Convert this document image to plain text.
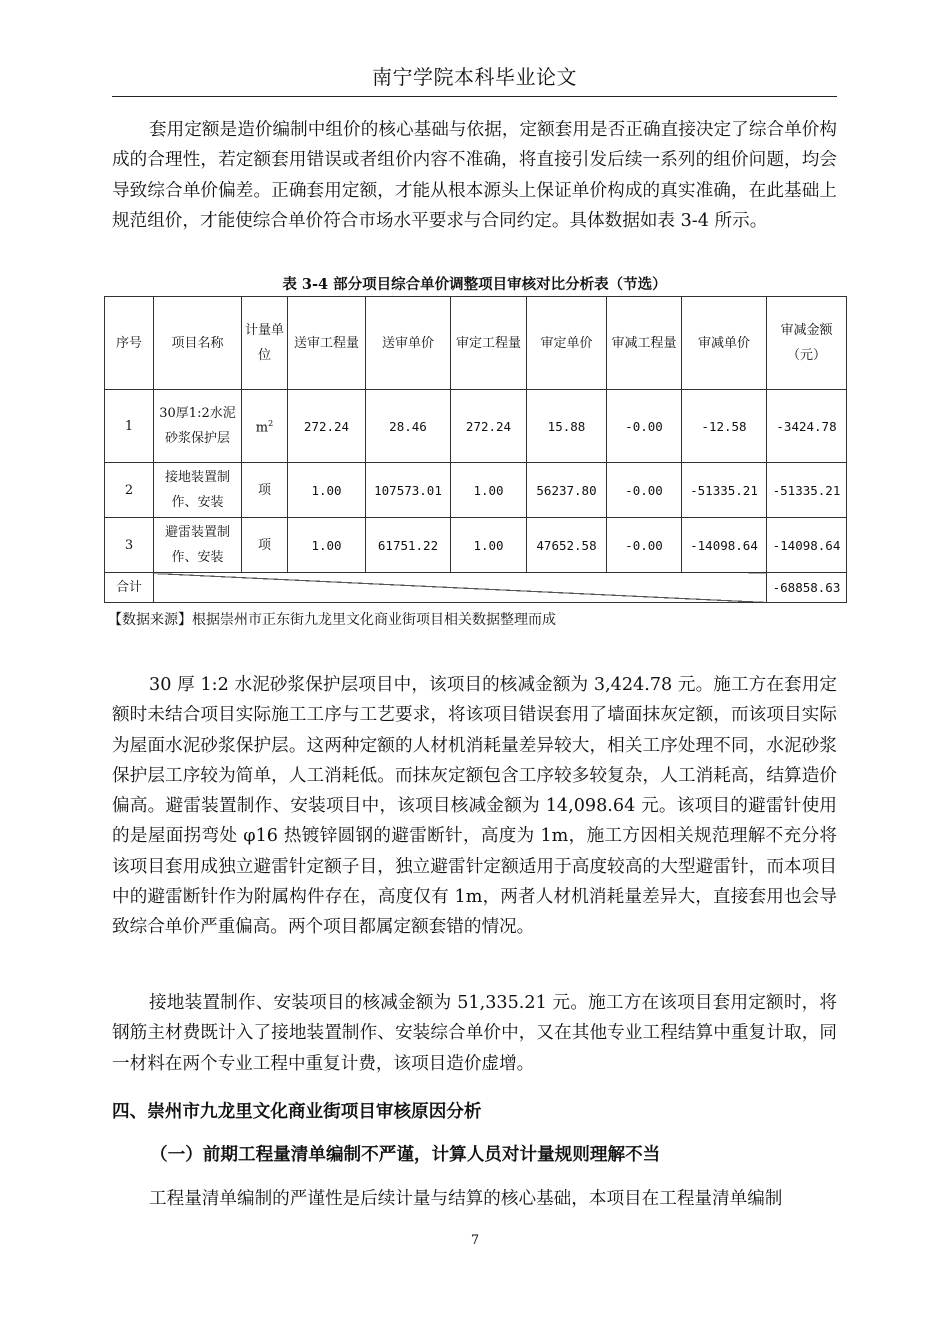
南宁学院本科毕业论文

套用定额是造价编制中组价的核心基础与依据，定额套用是否正确直接决定了综合单价构成的合理性，若定额套用错误或者组价内容不准确，将直接引发后续一系列的组价问题，均会导致综合单价偏差。正确套用定额，才能从根本源头上保证单价构成的真实准确，在此基础上规范组价，才能使综合单价符合市场水平要求与合同约定。具体数据如表 3-4 所示。

表 3-4 部分项目综合单价调整项目审核对比分析表（节选）
序号	项目名称	计量单位	送审工程量	送审单价	审定工程量	审定单价	审减工程量	审减单价	审减金额（元）
1	30厚1:2水泥砂浆保护层	$m^2$	272.24	28.46	272.24	15.88	-0.00	-12.58	-3424.78
2	接地装置制作、安装	项	1.00	107573.01	1.00	56237.80	-0.00	-51335.21	-51335.21
3	避雷装置制作、安装	项	1.00	61751.22	1.00	47652.58	-0.00	-14098.64	-14098.64
合计									-68858.63
【数据来源】根据崇州市正东街九龙里文化商业街项目相关数据整理而成

30 厚 1:2 水泥砂浆保护层项目中，该项目的核减金额为 3,424.78 元。施工方在套用定额时未结合项目实际施工工序与工艺要求，将该项目错误套用了墙面抹灰定额，而该项目实际为屋面水泥砂浆保护层。这两种定额的人材机消耗量差异较大，相关工序处理不同，水泥砂浆保护层工序较为简单，人工消耗低。而抹灰定额包含工序较多较复杂，人工消耗高，结算造价偏高。避雷装置制作、安装项目中，该项目核减金额为 14,098.64 元。该项目的避雷针使用的是屋面拐弯处 φ16 热镀锌圆钢的避雷断针，高度为 1m，施工方因相关规范理解不充分将该项目套用成独立避雷针定额子目，独立避雷针定额适用于高度较高的大型避雷针，而本项目中的避雷断针作为附属构件存在，高度仅有 1m，两者人材机消耗量差异大，直接套用也会导致综合单价严重偏高。两个项目都属定额套错的情况。

接地装置制作、安装项目的核减金额为 51,335.21 元。施工方在该项目套用定额时，将钢筋主材费既计入了接地装置制作、安装综合单价中，又在其他专业工程结算中重复计取，同一材料在两个专业工程中重复计费，该项目造价虚增。

四、崇州市九龙里文化商业街项目审核原因分析
（一）前期工程量清单编制不严谨，计算人员对计量规则理解不当

工程量清单编制的严谨性是后续计量与结算的核心基础，本项目在工程量清单编制

7
